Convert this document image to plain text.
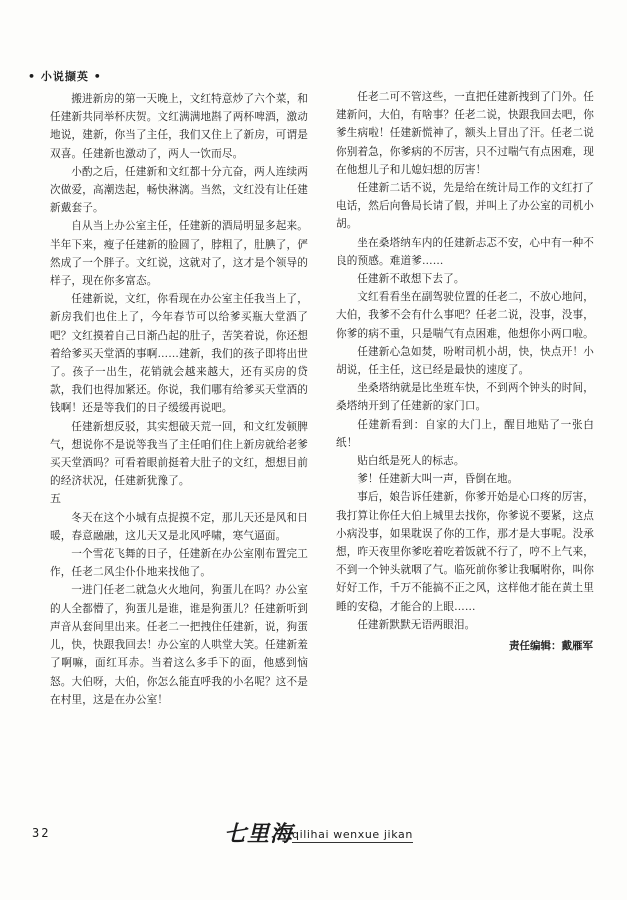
• 小说撷英 •

搬进新房的第一天晚上，文红特意炒了六个菜，和任建新共同举杯庆贺。文红满满地斟了两杯啤酒，激动地说，建新，你当了主任，我们又住上了新房，可谓是双喜。任建新也激动了，两人一饮而尽。

小酌之后，任建新和文红都十分亢奋，两人连续两次做爱，高潮迭起，畅快淋漓。当然，文红没有让任建新戴套子。

自从当上办公室主任，任建新的酒局明显多起来。半年下来，瘦子任建新的脸圆了，脖粗了，肚腆了，俨然成了一个胖子。文红说，这就对了，这才是个领导的样子，现在你多富态。

任建新说，文红，你看现在办公室主任我当上了，新房我们也住上了，今年春节可以给爹买瓶大堂酒了吧？文红摸着自己日渐凸起的肚子，苦笑着说，你还想着给爹买天堂酒的事啊……建新，我们的孩子即将出世了。孩子一出生，花销就会越来越大，还有买房的贷款，我们也得加紧还。你说，我们哪有给爹买天堂酒的钱啊！还是等我们的日子缓缓再说吧。

任建新想反驳，其实想破天荒一回，和文红发顿脾气，想说你不是说等我当了主任咱们住上新房就给老爹买天堂酒吗？可看着眼前挺着大肚子的文红，想想目前的经济状况，任建新犹豫了。

五

冬天在这个小城有点捉摸不定，那儿天还是风和日暖，春意融融，这儿天又是北风呼啸，寒气逼面。

一个雪花飞舞的日子，任建新在办公室刚布置完工作，任老二风尘仆仆地来找他了。

一进门任老二就急火火地问，狗蛋儿在吗？办公室的人全都懵了，狗蛋儿是谁，谁是狗蛋儿？任建新听到声音从套间里出来。任老二一把拽住任建新，说，狗蛋儿，快，快跟我回去！办公室的人哄堂大笑。任建新羞了啊嘛，面红耳赤。当着这么多手下的面，他感到恼怒。大伯呀，大伯，你怎么能直呼我的小名呢？这不是在村里，这是在办公室！

任老二可不管这些，一直把任建新拽到了门外。任建新问，大伯，有啥事？任老二说，快跟我回去吧，你爹生病啦！任建新慌神了，额头上冒出了汗。任老二说你别着急，你爹病的不厉害，只不过喘气有点困难，现在他想儿子和儿媳妇想的厉害！

任建新二话不说，先是给在统计局工作的文红打了电话，然后向鲁局长请了假，并叫上了办公室的司机小胡。

坐在桑塔纳车内的任建新忐忑不安，心中有一种不良的预感。难道爹……

任建新不敢想下去了。

文红看看坐在副驾驶位置的任老二，不放心地问，大伯，我爹不会有什么事吧？任老二说，没事，没事，你爹的病不重，只是喘气有点困难，他想你小两口啦。

任建新心急如焚，吩咐司机小胡，快，快点开！小胡说，任主任，这已经是最快的速度了。

坐桑塔纳就是比坐班车快，不到两个钟头的时间，桑塔纳开到了任建新的家门口。

任建新看到：自家的大门上，醒目地贴了一张白纸！

贴白纸是死人的标志。

爹！任建新大叫一声，昏倒在地。

事后，娘告诉任建新，你爹开始是心口疼的厉害，我打算让你任大伯上城里去找你，你爹说不要紧，这点小病没事，如果耽误了你的工作，那才是大事呢。没承想，昨天夜里你爹吃着吃着饭就不行了，哼不上气来，不到一个钟头就咽了气。临死前你爹让我嘱咐你，叫你好好工作，千万不能搞不正之风，这样他才能在黄土里睡的安稳，才能合的上眼……

任建新默默无语两眼泪。

责任编辑：戴雁军
32	七里海
qilihai wenxue jikan
